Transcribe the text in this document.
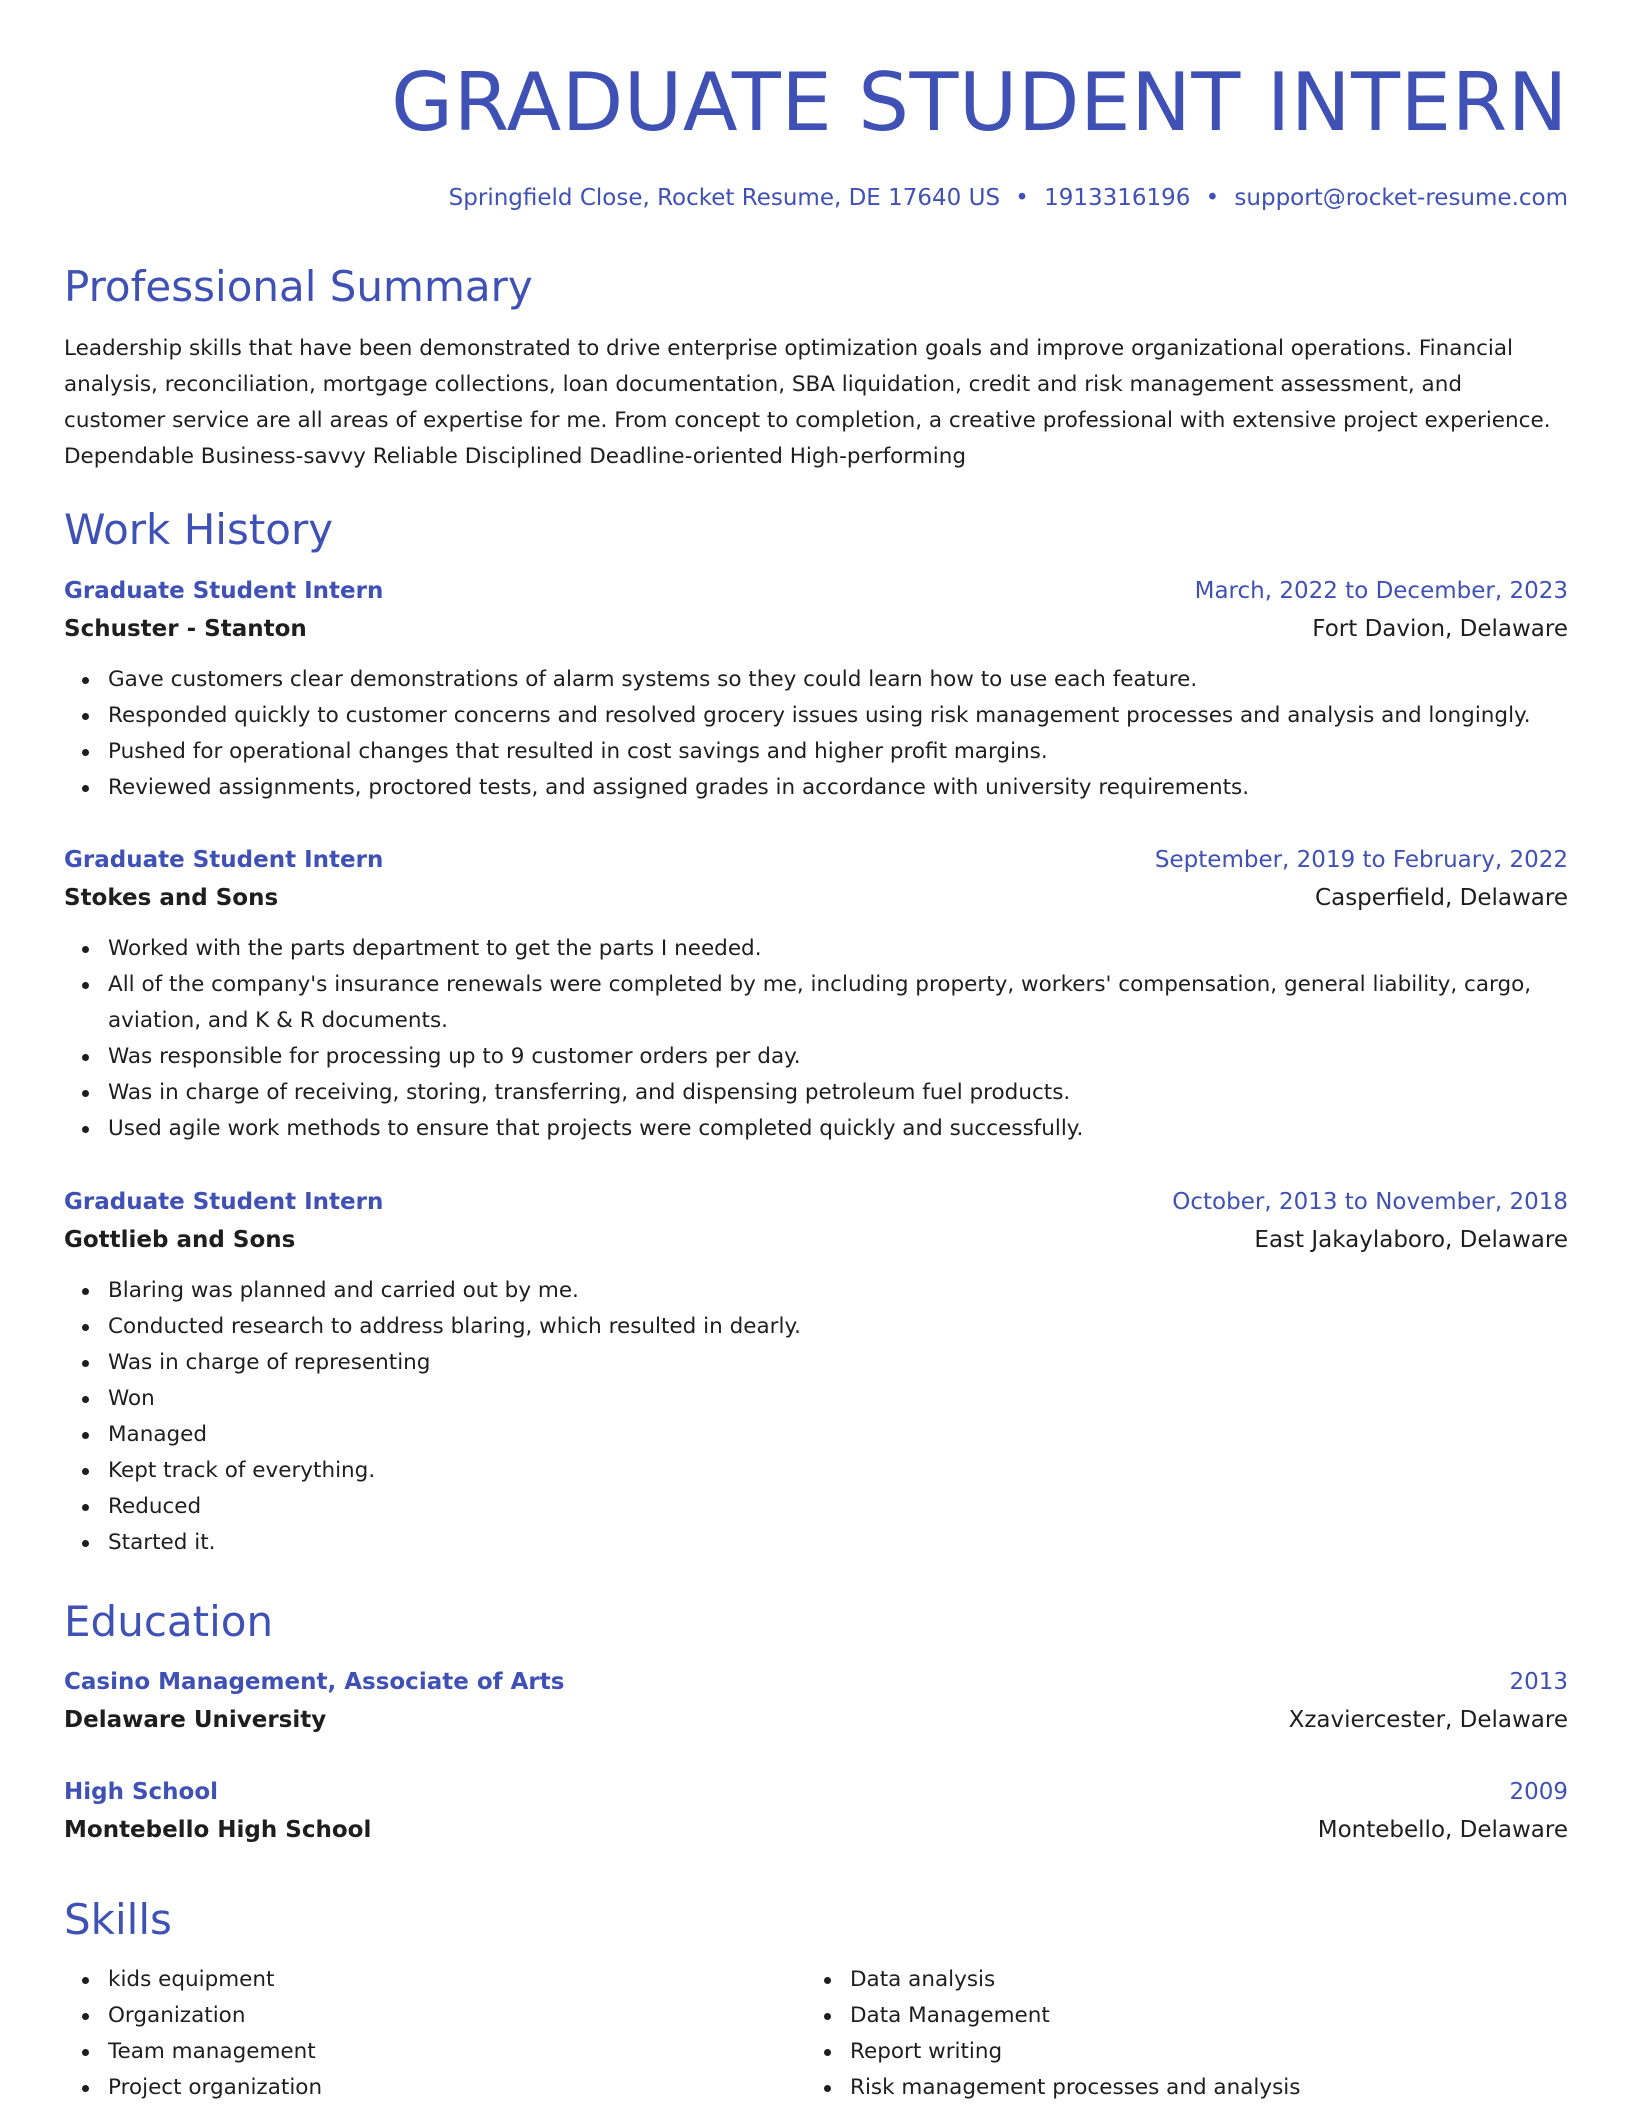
GRADUATE STUDENT INTERN
Springfield Close, Rocket Resume, DE 17640 US • 1913316196 • support@rocket-resume.com
Professional Summary
Leadership skills that have been demonstrated to drive enterprise optimization goals and improve organizational operations. Financial analysis, reconciliation, mortgage collections, loan documentation, SBA liquidation, credit and risk management assessment, and customer service are all areas of expertise for me. From concept to completion, a creative professional with extensive project experience. Dependable Business-savvy Reliable Disciplined Deadline-oriented High-performing
Work History
Graduate Student Intern	March, 2022 to December, 2023
Schuster - Stanton	Fort Davion, Delaware
Gave customers clear demonstrations of alarm systems so they could learn how to use each feature.
Responded quickly to customer concerns and resolved grocery issues using risk management processes and analysis and longingly.
Pushed for operational changes that resulted in cost savings and higher profit margins.
Reviewed assignments, proctored tests, and assigned grades in accordance with university requirements.
Graduate Student Intern	September, 2019 to February, 2022
Stokes and Sons	Casperfield, Delaware
Worked with the parts department to get the parts I needed.
All of the company's insurance renewals were completed by me, including property, workers' compensation, general liability, cargo, aviation, and K & R documents.
Was responsible for processing up to 9 customer orders per day.
Was in charge of receiving, storing, transferring, and dispensing petroleum fuel products.
Used agile work methods to ensure that projects were completed quickly and successfully.
Graduate Student Intern	October, 2013 to November, 2018
Gottlieb and Sons	East Jakaylaboro, Delaware
Blaring was planned and carried out by me.
Conducted research to address blaring, which resulted in dearly.
Was in charge of representing
Won
Managed
Kept track of everything.
Reduced
Started it.
Education
Casino Management, Associate of Arts	2013
Delaware University	Xzaviercester, Delaware
High School	2009
Montebello High School	Montebello, Delaware
Skills
kids equipment
Organization
Team management
Project organization
Data analysis
Data Management
Report writing
Risk management processes and analysis
